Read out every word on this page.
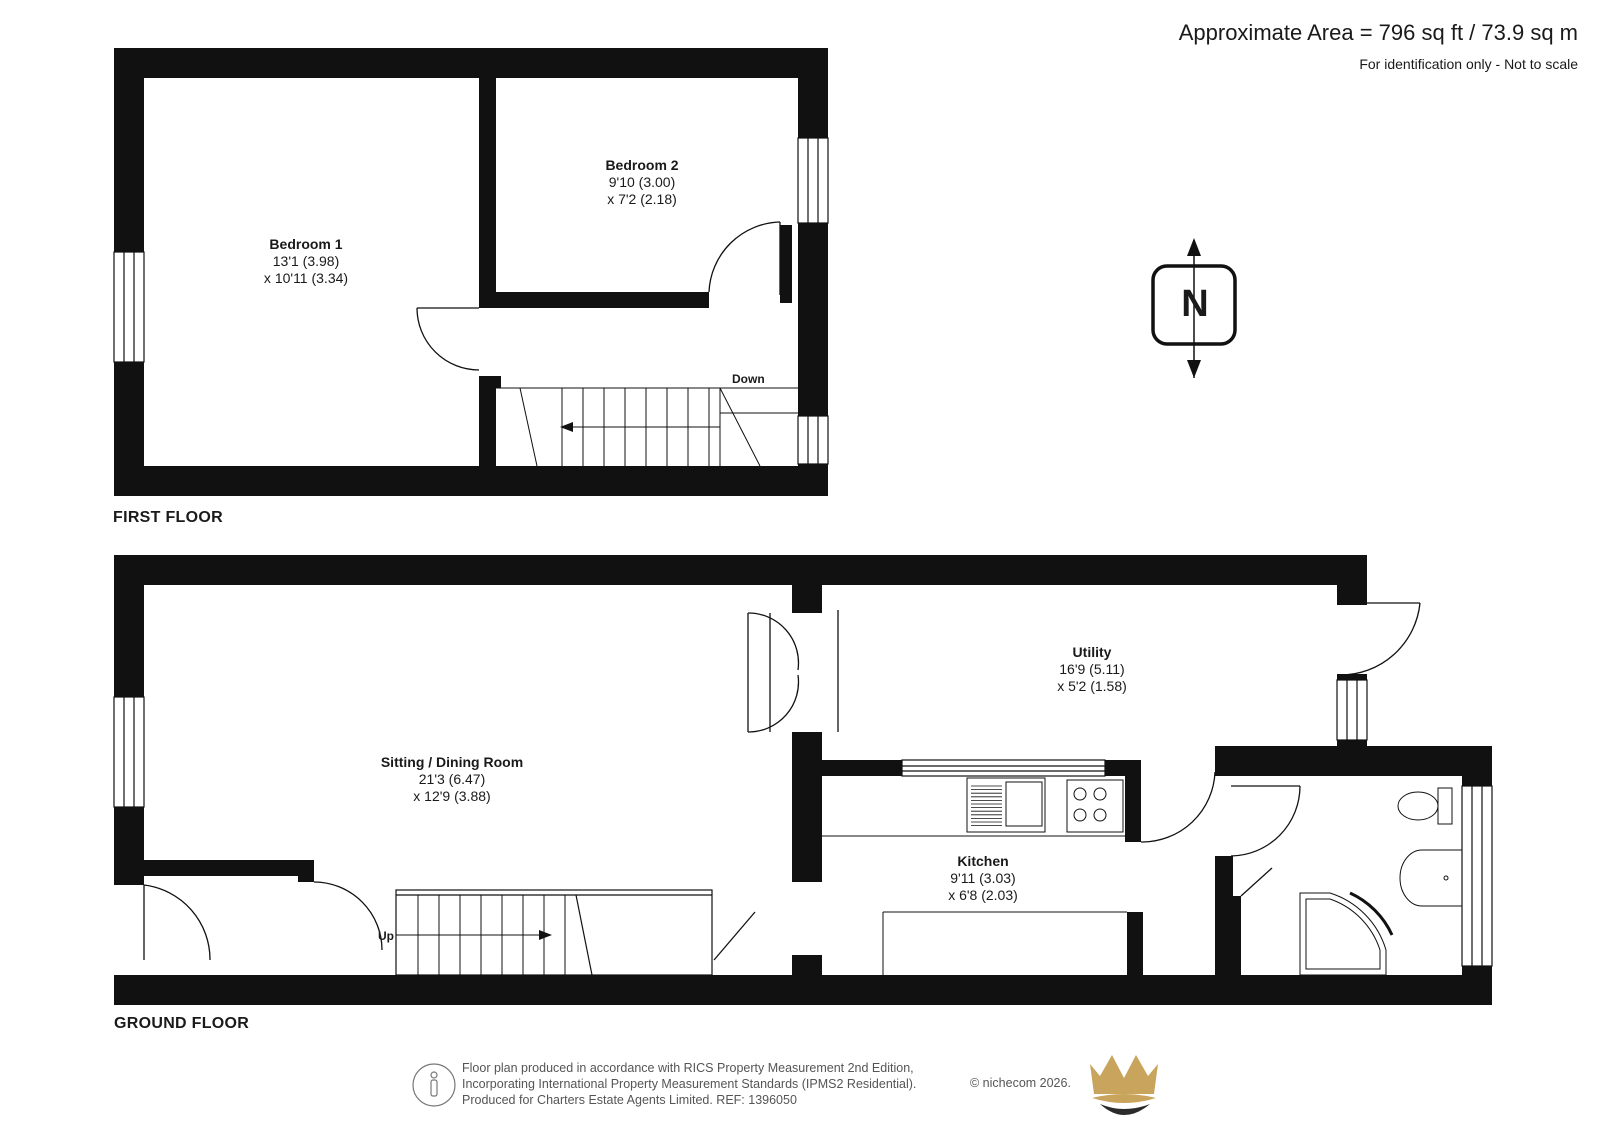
Approximate Area = 796 sq ft / 73.9 sq m
For identification only - Not to scale
FIRST FLOOR
GROUND FLOOR
Bedroom 1
13'1 (3.98)
x 10'11 (3.34)
Bedroom 2
9'10 (3.00)
x 7'2 (2.18)
Sitting / Dining Room
21'3 (6.47)
x 12'9 (3.88)
Utility
16'9 (5.11)
x 5'2 (1.58)
Kitchen
9'11 (3.03)
x 6'8 (2.03)
Down
Up
N
Floor plan produced in accordance with RICS Property Measurement 2nd Edition,
Incorporating International Property Measurement Standards (IPMS2 Residential).
Produced for Charters Estate Agents Limited. REF: 1396050
© nichecom 2026.
